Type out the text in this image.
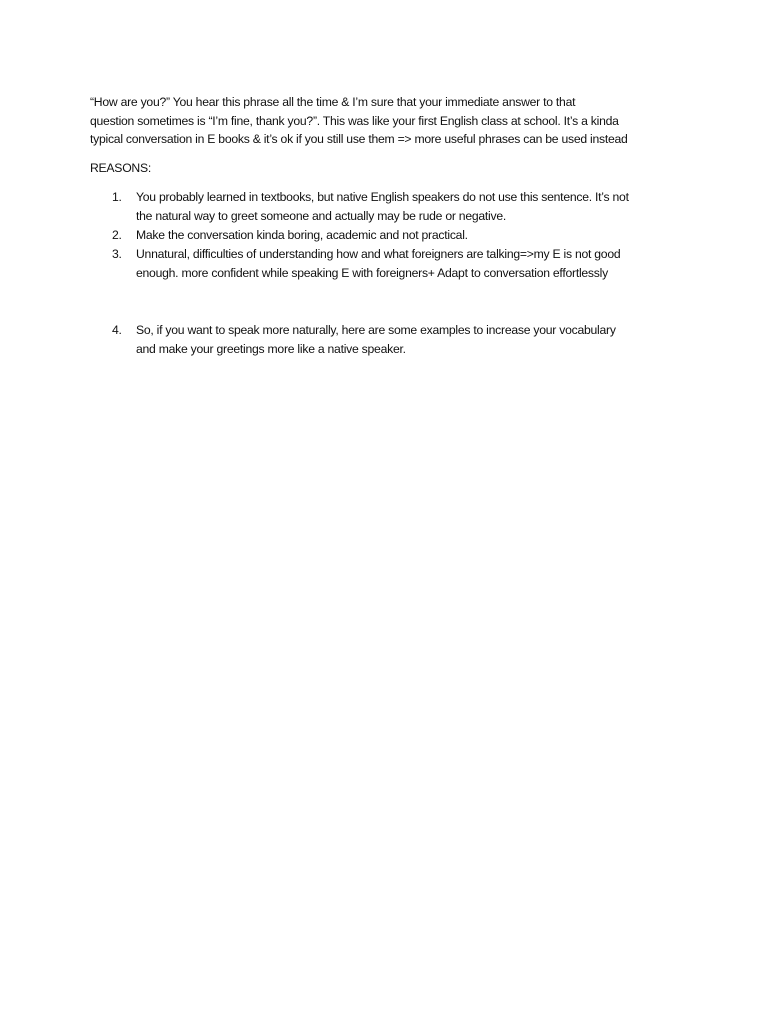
“How are you?” You hear this phrase all the time & I’m sure that your immediate answer to that
question sometimes is “I’m fine, thank you?”. This was like your first English class at school. It’s a kinda
typical conversation in E books & it’s ok if you still use them => more useful phrases can be used instead
REASONS:
1. You probably learned in textbooks, but native English speakers do not use this sentence. It’s not
the natural way to greet someone and actually may be rude or negative.
2. Make the conversation kinda boring, academic and not practical.
3. Unnatural, difficulties of understanding how and what foreigners are talking=>my E is not good
enough. more confident while speaking E with foreigners+ Adapt to conversation effortlessly
4. So, if you want to speak more naturally, here are some examples to increase your vocabulary
and make your greetings more like a native speaker.
